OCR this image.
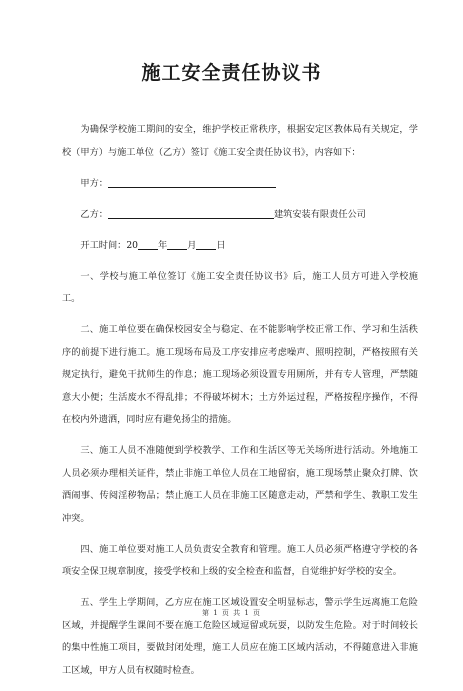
施工安全责任协议书

为确保学校施工期间的安全，维护学校正常秩序，根据安定区教体局有关规定，学校（甲方）与施工单位（乙方）签订《施工安全责任协议书》，内容如下：

甲方：

乙方：	建筑安装有限责任公司

开工时间：20 年 月 日

一、学校与施工单位签订《施工安全责任协议书》后，施工人员方可进入学校施工。

二、施工单位要在确保校园安全与稳定、在不能影响学校正常工作、学习和生活秩序的前提下进行施工。施工现场布局及工序安排应考虑噪声、照明控制，严格按照有关规定执行，避免干扰师生的作息；施工现场必须设置专用厕所，并有专人管理，严禁随意大小便；生活废水不得乱排；不得破坏树木；土方外运过程，严格按程序操作，不得在校内外遗洒，同时应有避免扬尘的措施。

三、施工人员不准随便到学校教学、工作和生活区等无关场所进行活动。外地施工人员必须办理相关证件，禁止非施工单位人员在工地留宿，施工现场禁止聚众打牌、饮酒闹事、传阅淫秽物品；禁止施工人员在非施工区随意走动，严禁和学生、教职工发生冲突。

四、施工单位要对施工人员负责安全教育和管理。施工人员必须严格遵守学校的各项安全保卫规章制度，接受学校和上级的安全检查和监督，自觉维护好学校的安全。

五、学生上学期间，乙方应在施工区域设置安全明显标志，警示学生远离施工危险区域，并提醒学生课间不要在施工危险区域逗留或玩耍，以防发生危险。对于时间较长的集中性施工项目，要做封闭处理，施工人员应在施工区域内活动，不得随意进入非施工区域，甲方人员有权随时检查。

第 1 页 共 1 页
